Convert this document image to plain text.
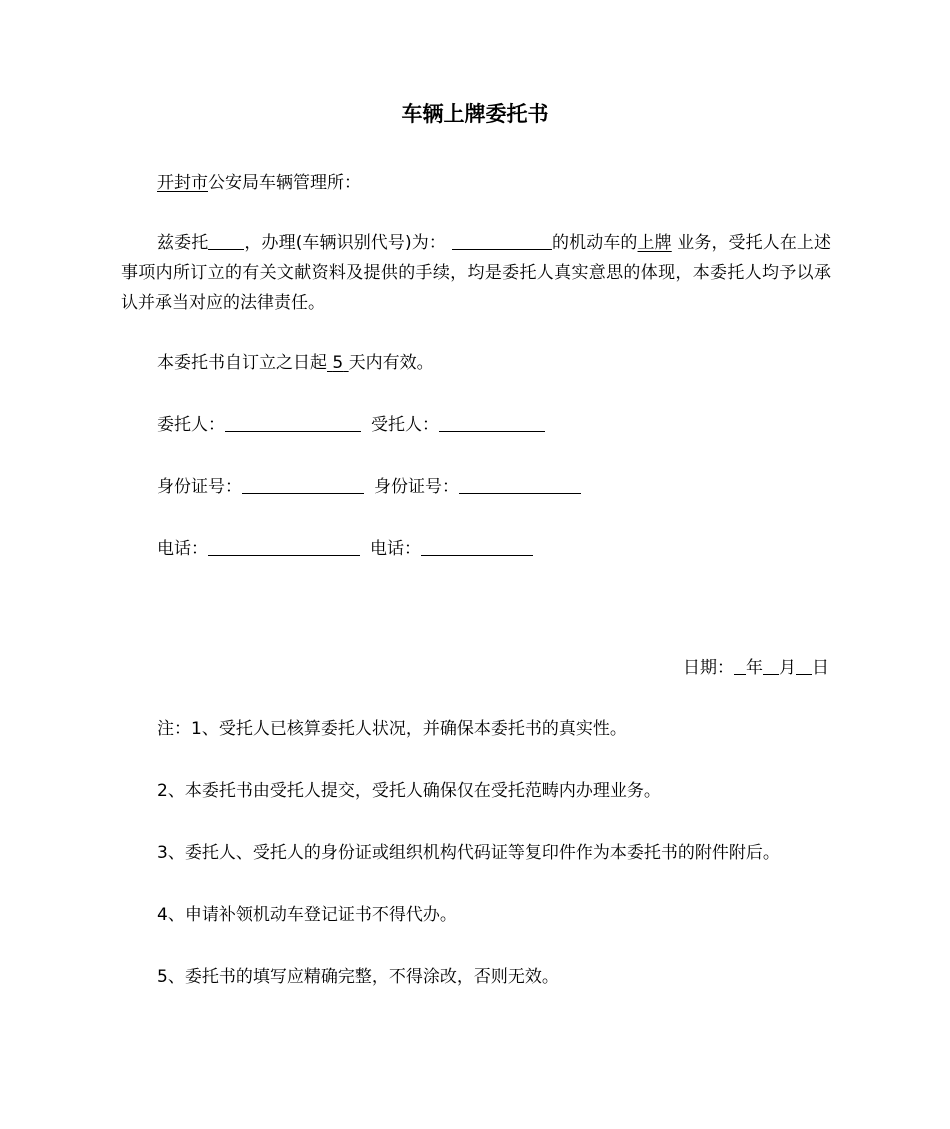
车辆上牌委托书
开封市公安局车辆管理所：
兹委托 ，办理(车辆识别代号)为：	的机动车的上牌 业务，受托人在上述事项内所订立的有关文献资料及提供的手续，均是委托人真实意思的体现，本委托人均予以承认并承当对应的法律责任。
本委托书自订立之日起 5 天内有效。
委托人：	受托人：
身份证号：	身份证号：
电话：	电话：
日期： 年 月 日
注：1、受托人已核算委托人状况，并确保本委托书的真实性。
2、本委托书由受托人提交，受托人确保仅在受托范畴内办理业务。
3、委托人、受托人的身份证或组织机构代码证等复印件作为本委托书的附件附后。
4、申请补领机动车登记证书不得代办。
5、委托书的填写应精确完整，不得涂改，否则无效。
